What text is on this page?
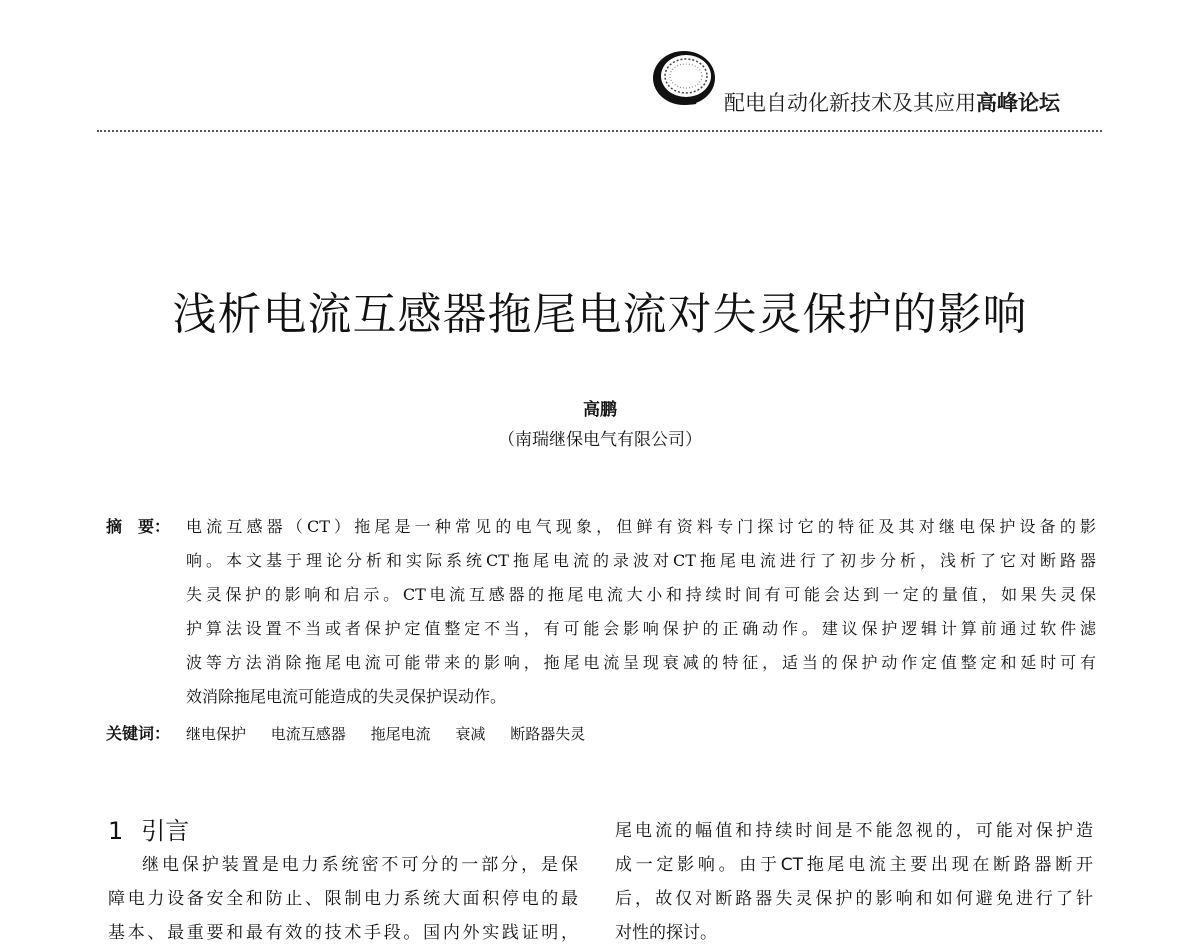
配电自动化新技术及其应用高峰论坛
浅析电流互感器拖尾电流对失灵保护的影响
高鹏
（南瑞继保电气有限公司）
摘　要： 电流互感器（CT）拖尾是一种常见的电气现象，但鲜有资料专门探讨它的特征及其对继电保护设备的影
响。本文基于理论分析和实际系统CT拖尾电流的录波对CT拖尾电流进行了初步分析，浅析了它对断路器
失灵保护的影响和启示。CT电流互感器的拖尾电流大小和持续时间有可能会达到一定的量值，如果失灵保
护算法设置不当或者保护定值整定不当，有可能会影响保护的正确动作。建议保护逻辑计算前通过软件滤
波等方法消除拖尾电流可能带来的影响，拖尾电流呈现衰减的特征，适当的保护动作定值整定和延时可有
效消除拖尾电流可能造成的失灵保护误动作。
关键词： 继电保护 电流互感器 拖尾电流 衰减 断路器失灵
1 引言
继电保护装置是电力系统密不可分的一部分，是保
障电力设备安全和防止、限制电力系统大面积停电的最
基本、最重要和最有效的技术手段。国内外实践证明，
尾电流的幅值和持续时间是不能忽视的，可能对保护造
成一定影响。由于CT拖尾电流主要出现在断路器断开
后，故仅对断路器失灵保护的影响和如何避免进行了针
对性的探讨。
